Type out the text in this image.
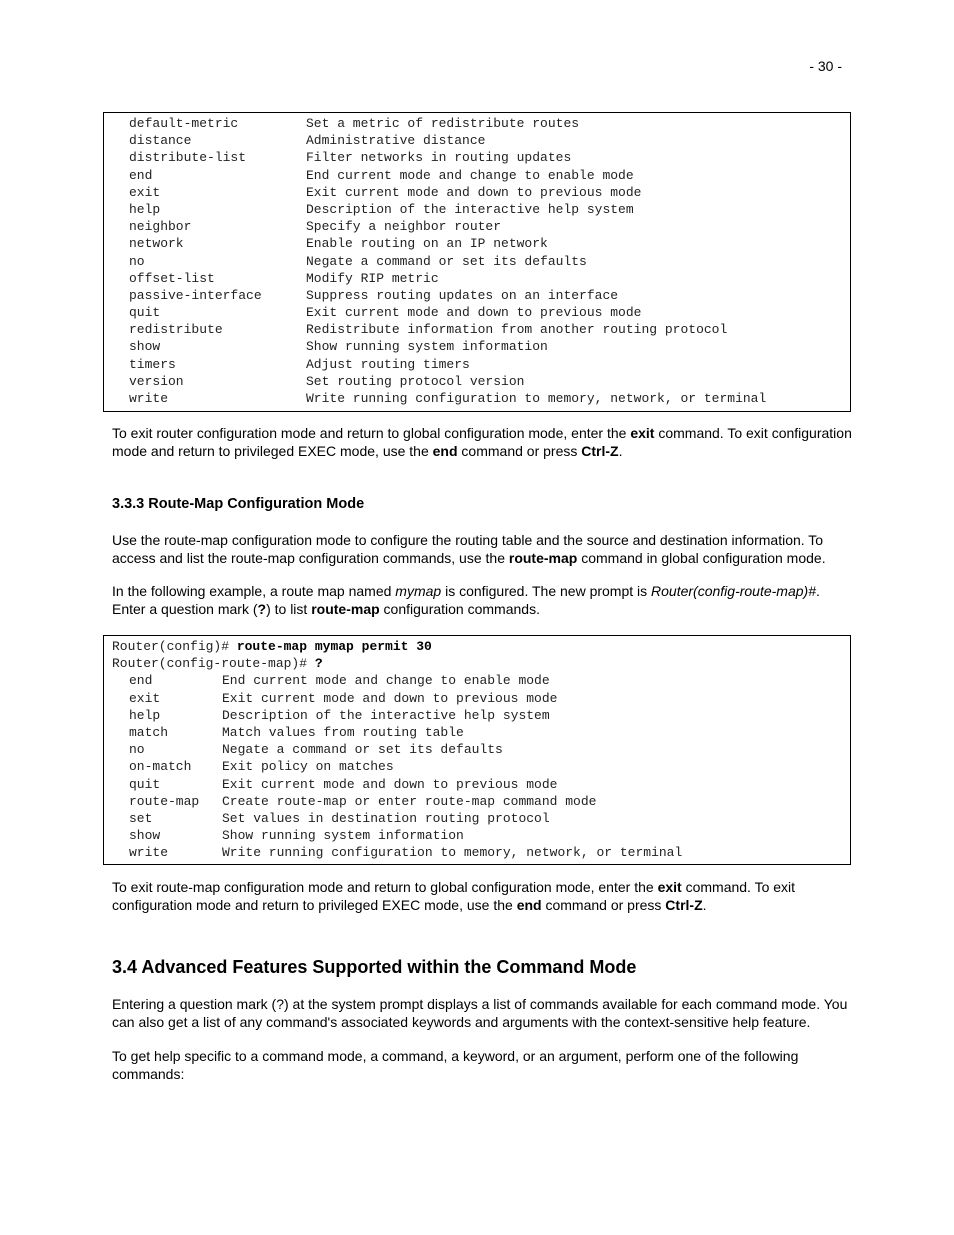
- 30 -
default-metric	Set a metric of redistribute routes
distance	Administrative distance
distribute-list	Filter networks in routing updates
end	End current mode and change to enable mode
exit	Exit current mode and down to previous mode
help	Description of the interactive help system
neighbor	Specify a neighbor router
network	Enable routing on an IP network
no	Negate a command or set its defaults
offset-list	Modify RIP metric
passive-interface	Suppress routing updates on an interface
quit	Exit current mode and down to previous mode
redistribute	Redistribute information from another routing protocol
show	Show running system information
timers	Adjust routing timers
version	Set routing protocol version
write	Write running configuration to memory, network, or terminal
To exit router configuration mode and return to global configuration mode, enter the exit command. To exit configuration mode and return to privileged EXEC mode, use the end command or press Ctrl-Z.
3.3.3 Route-Map Configuration Mode
Use the route-map configuration mode to configure the routing table and the source and destination information. To access and list the route-map configuration commands, use the route-map command in global configuration mode.
In the following example, a route map named mymap is configured. The new prompt is Router(config-route-map)#. Enter a question mark (?) to list route-map configuration commands.
Router(config)# route-map mymap permit 30
Router(config-route-map)# ?
end	End current mode and change to enable mode
exit	Exit current mode and down to previous mode
help	Description of the interactive help system
match	Match values from routing table
no	Negate a command or set its defaults
on-match Exit policy on matches
quit	Exit current mode and down to previous mode
route-map Create route-map or enter route-map command mode
set	Set values in destination routing protocol
show	Show running system information
write	Write running configuration to memory, network, or terminal
To exit route-map configuration mode and return to global configuration mode, enter the exit command. To exit configuration mode and return to privileged EXEC mode, use the end command or press Ctrl-Z.
3.4 Advanced Features Supported within the Command Mode
Entering a question mark (?) at the system prompt displays a list of commands available for each command mode. You can also get a list of any command's associated keywords and arguments with the context-sensitive help feature.
To get help specific to a command mode, a command, a keyword, or an argument, perform one of the following commands:
